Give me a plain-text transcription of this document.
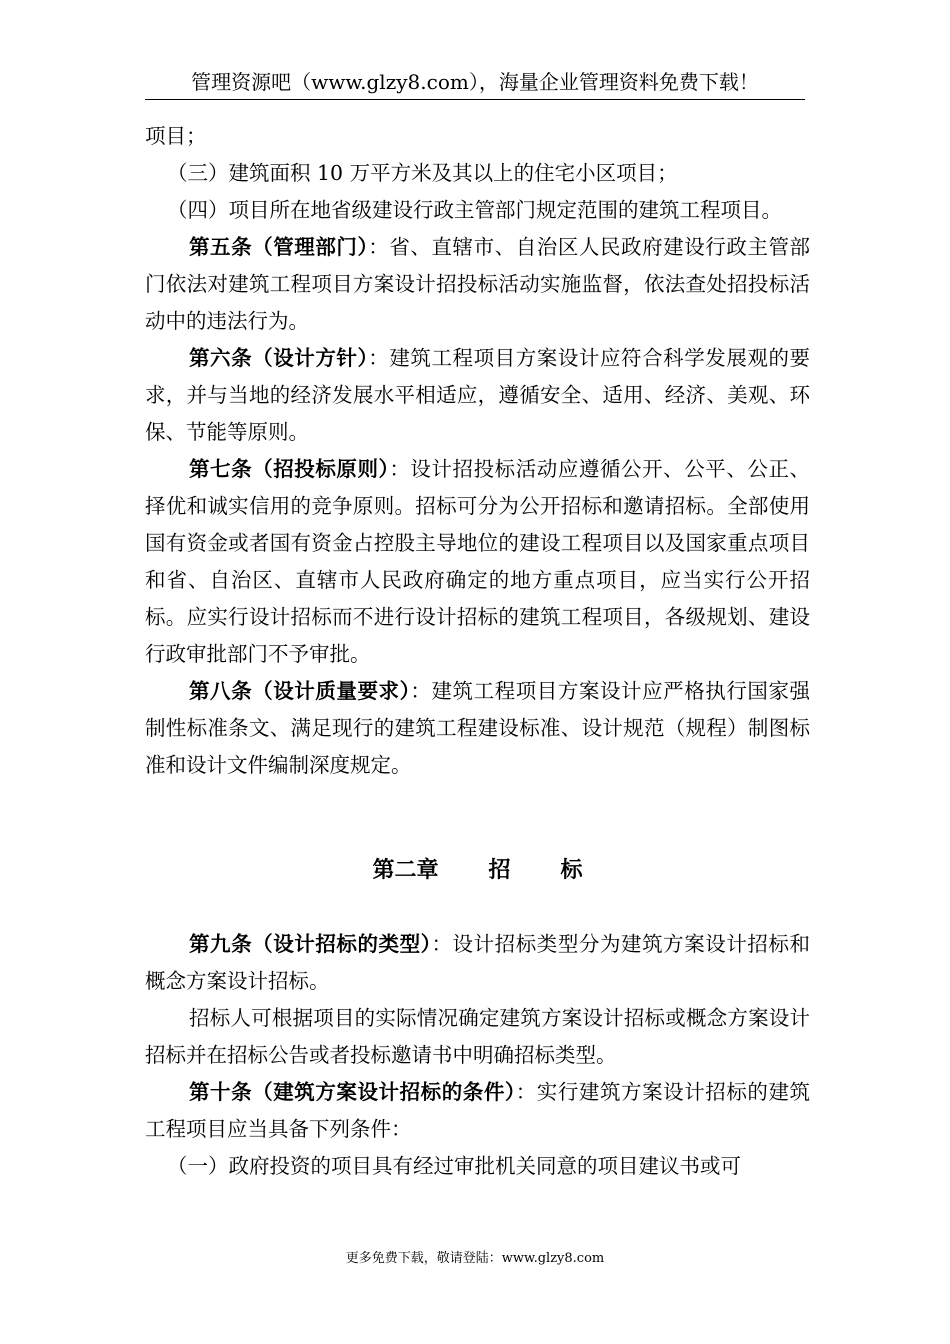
管理资源吧（www.glzy8.com），海量企业管理资料免费下载！

项目；

（三）建筑面积 10 万平方米及其以上的住宅小区项目；

（四）项目所在地省级建设行政主管部门规定范围的建筑工程项目。

第五条（管理部门）：省、直辖市、自治区人民政府建设行政主管部门依法对建筑工程项目方案设计招投标活动实施监督，依法查处招投标活动中的违法行为。

第六条（设计方针）：建筑工程项目方案设计应符合科学发展观的要求，并与当地的经济发展水平相适应，遵循安全、适用、经济、美观、环保、节能等原则。

第七条（招投标原则）：设计招投标活动应遵循公开、公平、公正、择优和诚实信用的竞争原则。招标可分为公开招标和邀请招标。全部使用国有资金或者国有资金占控股主导地位的建设工程项目以及国家重点项目和省、自治区、直辖市人民政府确定的地方重点项目，应当实行公开招标。应实行设计招标而不进行设计招标的建筑工程项目，各级规划、建设行政审批部门不予审批。

第八条（设计质量要求）：建筑工程项目方案设计应严格执行国家强制性标准条文、满足现行的建筑工程建设标准、设计规范（规程）制图标准和设计文件编制深度规定。

第二章 招 标

第九条（设计招标的类型）：设计招标类型分为建筑方案设计招标和概念方案设计招标。

招标人可根据项目的实际情况确定建筑方案设计招标或概念方案设计招标并在招标公告或者投标邀请书中明确招标类型。

第十条（建筑方案设计招标的条件）：实行建筑方案设计招标的建筑工程项目应当具备下列条件：

（一）政府投资的项目具有经过审批机关同意的项目建议书或可

更多免费下载，敬请登陆：www.glzy8.com
